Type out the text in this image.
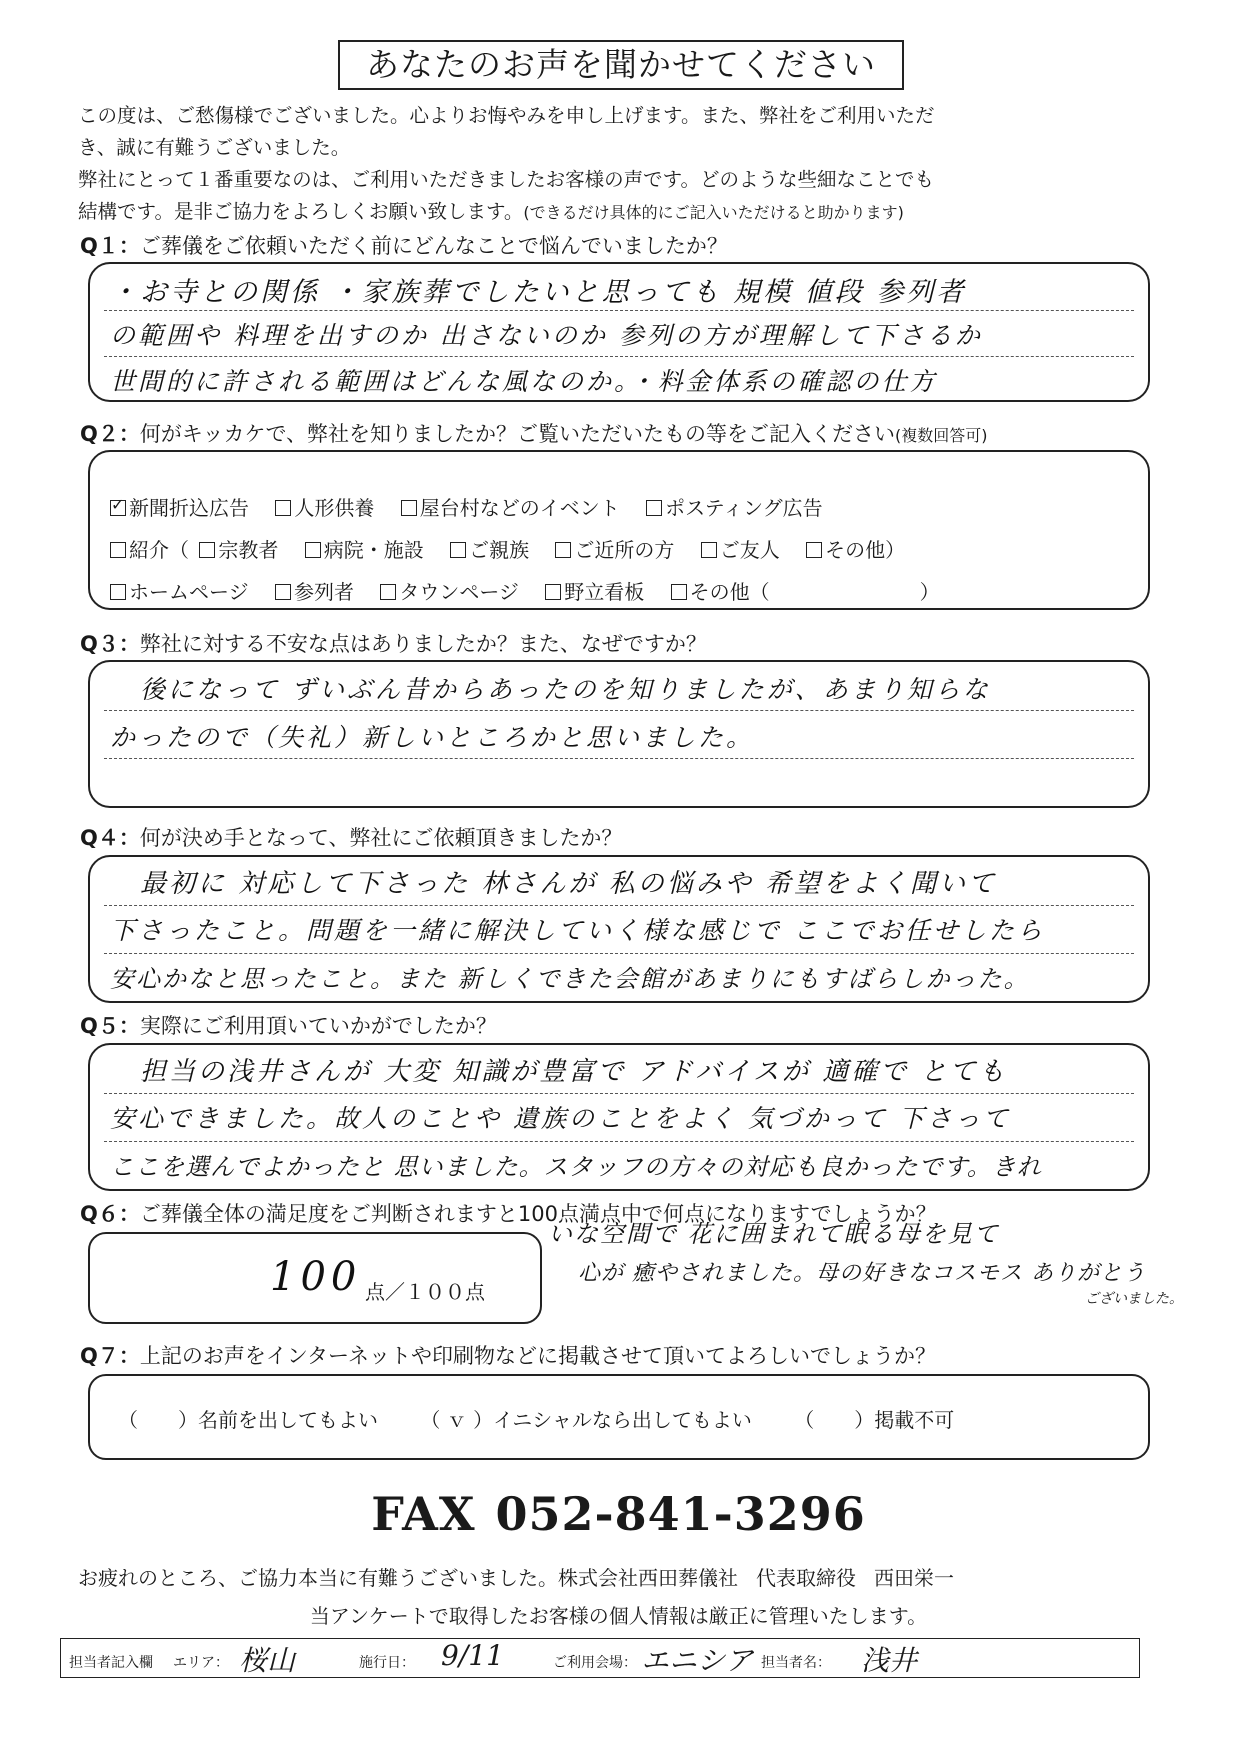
あなたのお声を聞かせてください

この度は、ご愁傷様でございました。心よりお悔やみを申し上げます。また、弊社をご利用いただ

き、誠に有難うございました。

弊社にとって１番重要なのは、ご利用いただきましたお客様の声です。どのような些細なことでも

結構です。是非ご協力をよろしくお願い致します。(できるだけ具体的にご記入いただけると助かります)

Q１：ご葬儀をご依頼いただく前にどんなことで悩んでいましたか？
・お寺との関係 ・家族葬でしたいと思っても 規模 値段 参列者
の範囲や 料理を出すのか 出さないのか 参列の方が理解して下さるか
世間的に許される範囲はどんな風なのか。・料金体系の確認の仕方
Q２：何がキッカケで、弊社を知りましたか？ご覧いただいたもの等をご記入ください(複数回答可)
✓新聞折込広告 人形供養 屋台村などのイベント ポスティング広告
紹介（ 宗教者 病院・施設 ご親族 ご近所の方 ご友人 その他）
ホームページ 参列者 タウンページ 野立看板 その他（	）
Q３：弊社に対する不安な点はありましたか？また、なぜですか？
後になって ずいぶん昔からあったのを知りましたが、あまり知らな
かったので（失礼）新しいところかと思いました。
Q４：何が決め手となって、弊社にご依頼頂きましたか？
最初に 対応して下さった 林さんが 私の悩みや 希望をよく聞いて
下さったこと。問題を一緒に解決していく様な感じで ここでお任せしたら
安心かなと思ったこと。また 新しくできた会館があまりにもすばらしかった。
Q５：実際にご利用頂いていかがでしたか？
担当の浅井さんが 大変 知識が豊富で アドバイスが 適確で とても
安心できました。故人のことや 遺族のことをよく 気づかって 下さって
ここを選んでよかったと 思いました。スタッフの方々の対応も良かったです。きれ
Q６：ご葬儀全体の満足度をご判断されますと100点満点中で何点になりますでしょうか？
100 点／１００点
いな空間で 花に囲まれて眠る母を見て
心が 癒やされました。母の好きなコスモス ありがとう
ございました。
Q７：上記のお声をインターネットや印刷物などに掲載させて頂いてよろしいでしょうか？
（　　）名前を出してもよい （ ｖ ）イニシャルなら出してもよい （　　）掲載不可
FAX 052-841-3296
お疲れのところ、ご協力本当に有難うございました。株式会社西田葬儀社 代表取締役 西田栄一
当アンケートで取得したお客様の個人情報は厳正に管理いたします。
担当者記入欄 エリア： 桜山	施行日： 9/11	ご利用会場： エニシア 担当者名： 浅井
